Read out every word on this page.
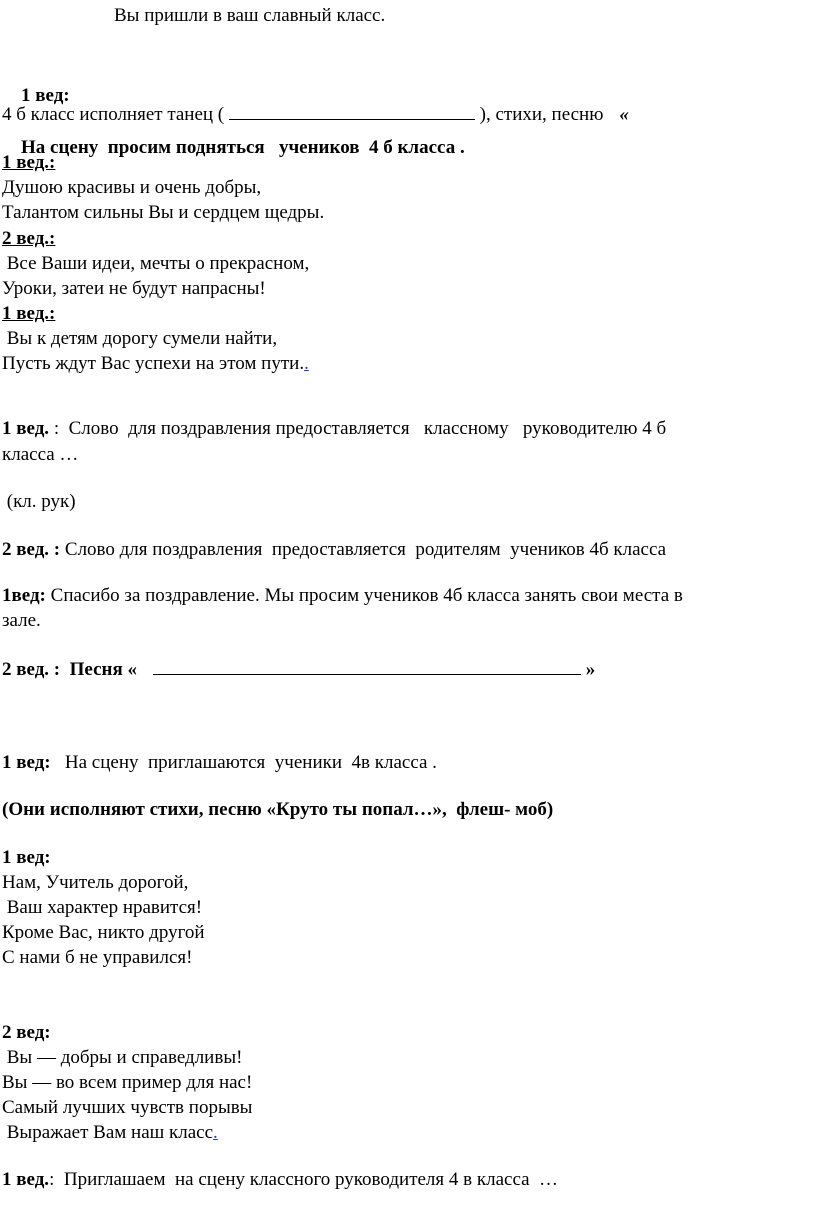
Вы пришли в ваш славный класс.

1 вед:

На сцену  просим подняться   учеников  4 б класса .

4 б класс исполняет танец (	), стихи, песню «
1 вед.:
Душою красивы и очень добры,
Талантом сильны Вы и сердцем щедры.
2 вед.:
Все Ваши идеи, мечты о прекрасном,
Уроки, затеи не будут напрасны!
1 вед.:
Вы к детям дорогу сумели найти,
Пусть ждут Вас успехи на этом пути..
1 вед. :  Слово  для поздравления предоставляется   классному   руководителю 4 б
класса …
(кл. рук)
2 вед. : Слово для поздравления  предоставляется  родителям  учеников 4б класса
1вед: Спасибо за поздравление. Мы просим учеников 4б класса занять свои места в
зале.
2 вед. :  Песня «	»
1 вед:   На сцену  приглашаются  ученики  4в класса .
(Они исполняют стихи, песню «Круто ты попал…»,  флеш- моб)
1 вед:
Нам, Учитель дорогой,
Ваш характер нравится!
Кроме Вас, никто другой
С нами б не управился!
2 вед:
Вы — добры и справедливы!
Вы — во всем пример для нас!
Самый лучших чувств порывы
Выражает Вам наш класс.
1 вед.:  Приглашаем  на сцену классного руководителя 4 в класса  …
